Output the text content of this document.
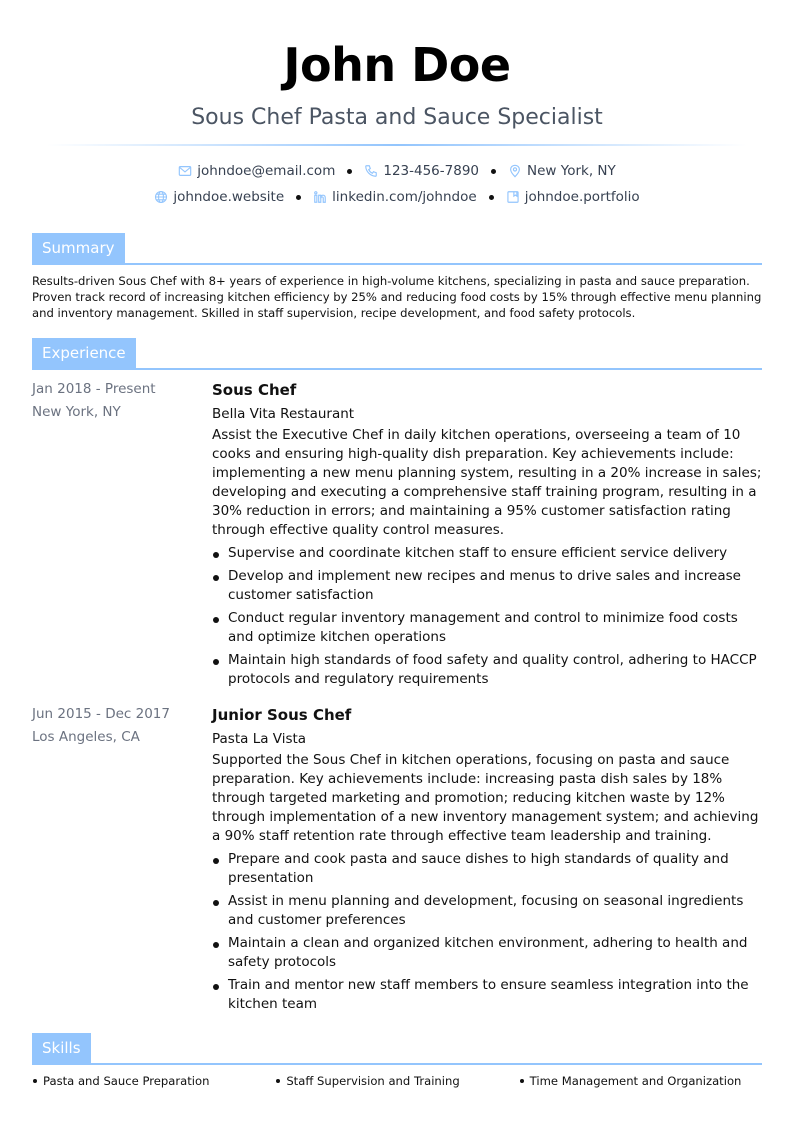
John Doe
Sous Chef Pasta and Sauce Specialist
johndoe@email.com	123-456-7890	New York, NY
johndoe.website	linkedin.com/johndoe	johndoe.portfolio
Summary

Results-driven Sous Chef with 8+ years of experience in high-volume kitchens, specializing in pasta and sauce preparation. Proven track record of increasing kitchen efficiency by 25% and reducing food costs by 15% through effective menu planning and inventory management. Skilled in staff supervision, recipe development, and food safety protocols.

Experience
Jan 2018 - Present
New York, NY
Sous Chef
Bella Vita Restaurant
Assist the Executive Chef in daily kitchen operations, overseeing a team of 10 cooks and ensuring high-quality dish preparation. Key achievements include: implementing a new menu planning system, resulting in a 20% increase in sales; developing and executing a comprehensive staff training program, resulting in a 30% reduction in errors; and maintaining a 95% customer satisfaction rating through effective quality control measures.
Supervise and coordinate kitchen staff to ensure efficient service delivery
Develop and implement new recipes and menus to drive sales and increase customer satisfaction
Conduct regular inventory management and control to minimize food costs and optimize kitchen operations
Maintain high standards of food safety and quality control, adhering to HACCP protocols and regulatory requirements
Jun 2015 - Dec 2017
Los Angeles, CA
Junior Sous Chef
Pasta La Vista
Supported the Sous Chef in kitchen operations, focusing on pasta and sauce preparation. Key achievements include: increasing pasta dish sales by 18% through targeted marketing and promotion; reducing kitchen waste by 12% through implementation of a new inventory management system; and achieving a 90% staff retention rate through effective team leadership and training.
Prepare and cook pasta and sauce dishes to high standards of quality and presentation
Assist in menu planning and development, focusing on seasonal ingredients and customer preferences
Maintain a clean and organized kitchen environment, adhering to health and safety protocols
Train and mentor new staff members to ensure seamless integration into the kitchen team
Skills
Pasta and Sauce Preparation	Staff Supervision and Training	Time Management and Organization
